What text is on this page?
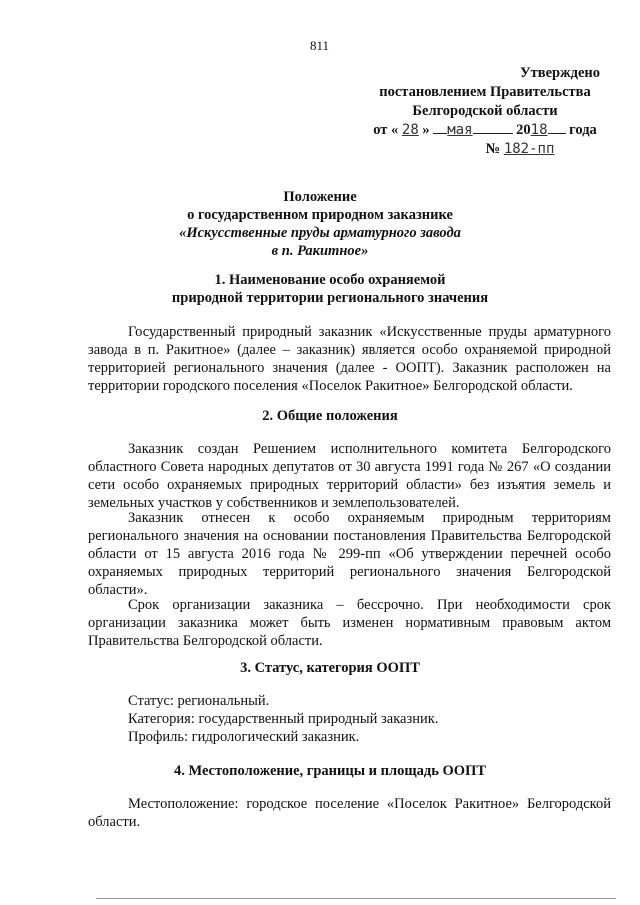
811
Утверждено
постановлением Правительства
Белгородской области
от « 28 » мая	2018 года
№ 182-пп
Положение
о государственном природном заказнике
«Искусственные пруды арматурного завода
в п. Ракитное»
1. Наименование особо охраняемой
природной территории регионального значения
Государственный природный заказник «Искусственные пруды арматурного завода в п. Ракитное» (далее – заказник) является особо охраняемой природной территорией регионального значения (далее - ООПТ). Заказник расположен на территории городского поселения «Поселок Ракитное» Белгородской области.
2. Общие положения
Заказник создан Решением исполнительного комитета Белгородского областного Совета народных депутатов от 30 августа 1991 года № 267 «О создании сети особо охраняемых природных территорий области» без изъятия земель и земельных участков у собственников и землепользователей.
Заказник отнесен к особо охраняемым природным территориям регионального значения на основании постановления Правительства Белгородской области от 15 августа 2016 года № 299-пп «Об утверждении перечней особо охраняемых природных территорий регионального значения Белгородской области».
Срок организации заказника – бессрочно. При необходимости срок организации заказника может быть изменен нормативным правовым актом Правительства Белгородской области.
3. Статус, категория ООПТ
Статус: региональный.
Категория: государственный природный заказник.
Профиль: гидрологический заказник.
4. Местоположение, границы и площадь ООПТ
Местоположение: городское поселение «Поселок Ракитное» Белгородской области.
